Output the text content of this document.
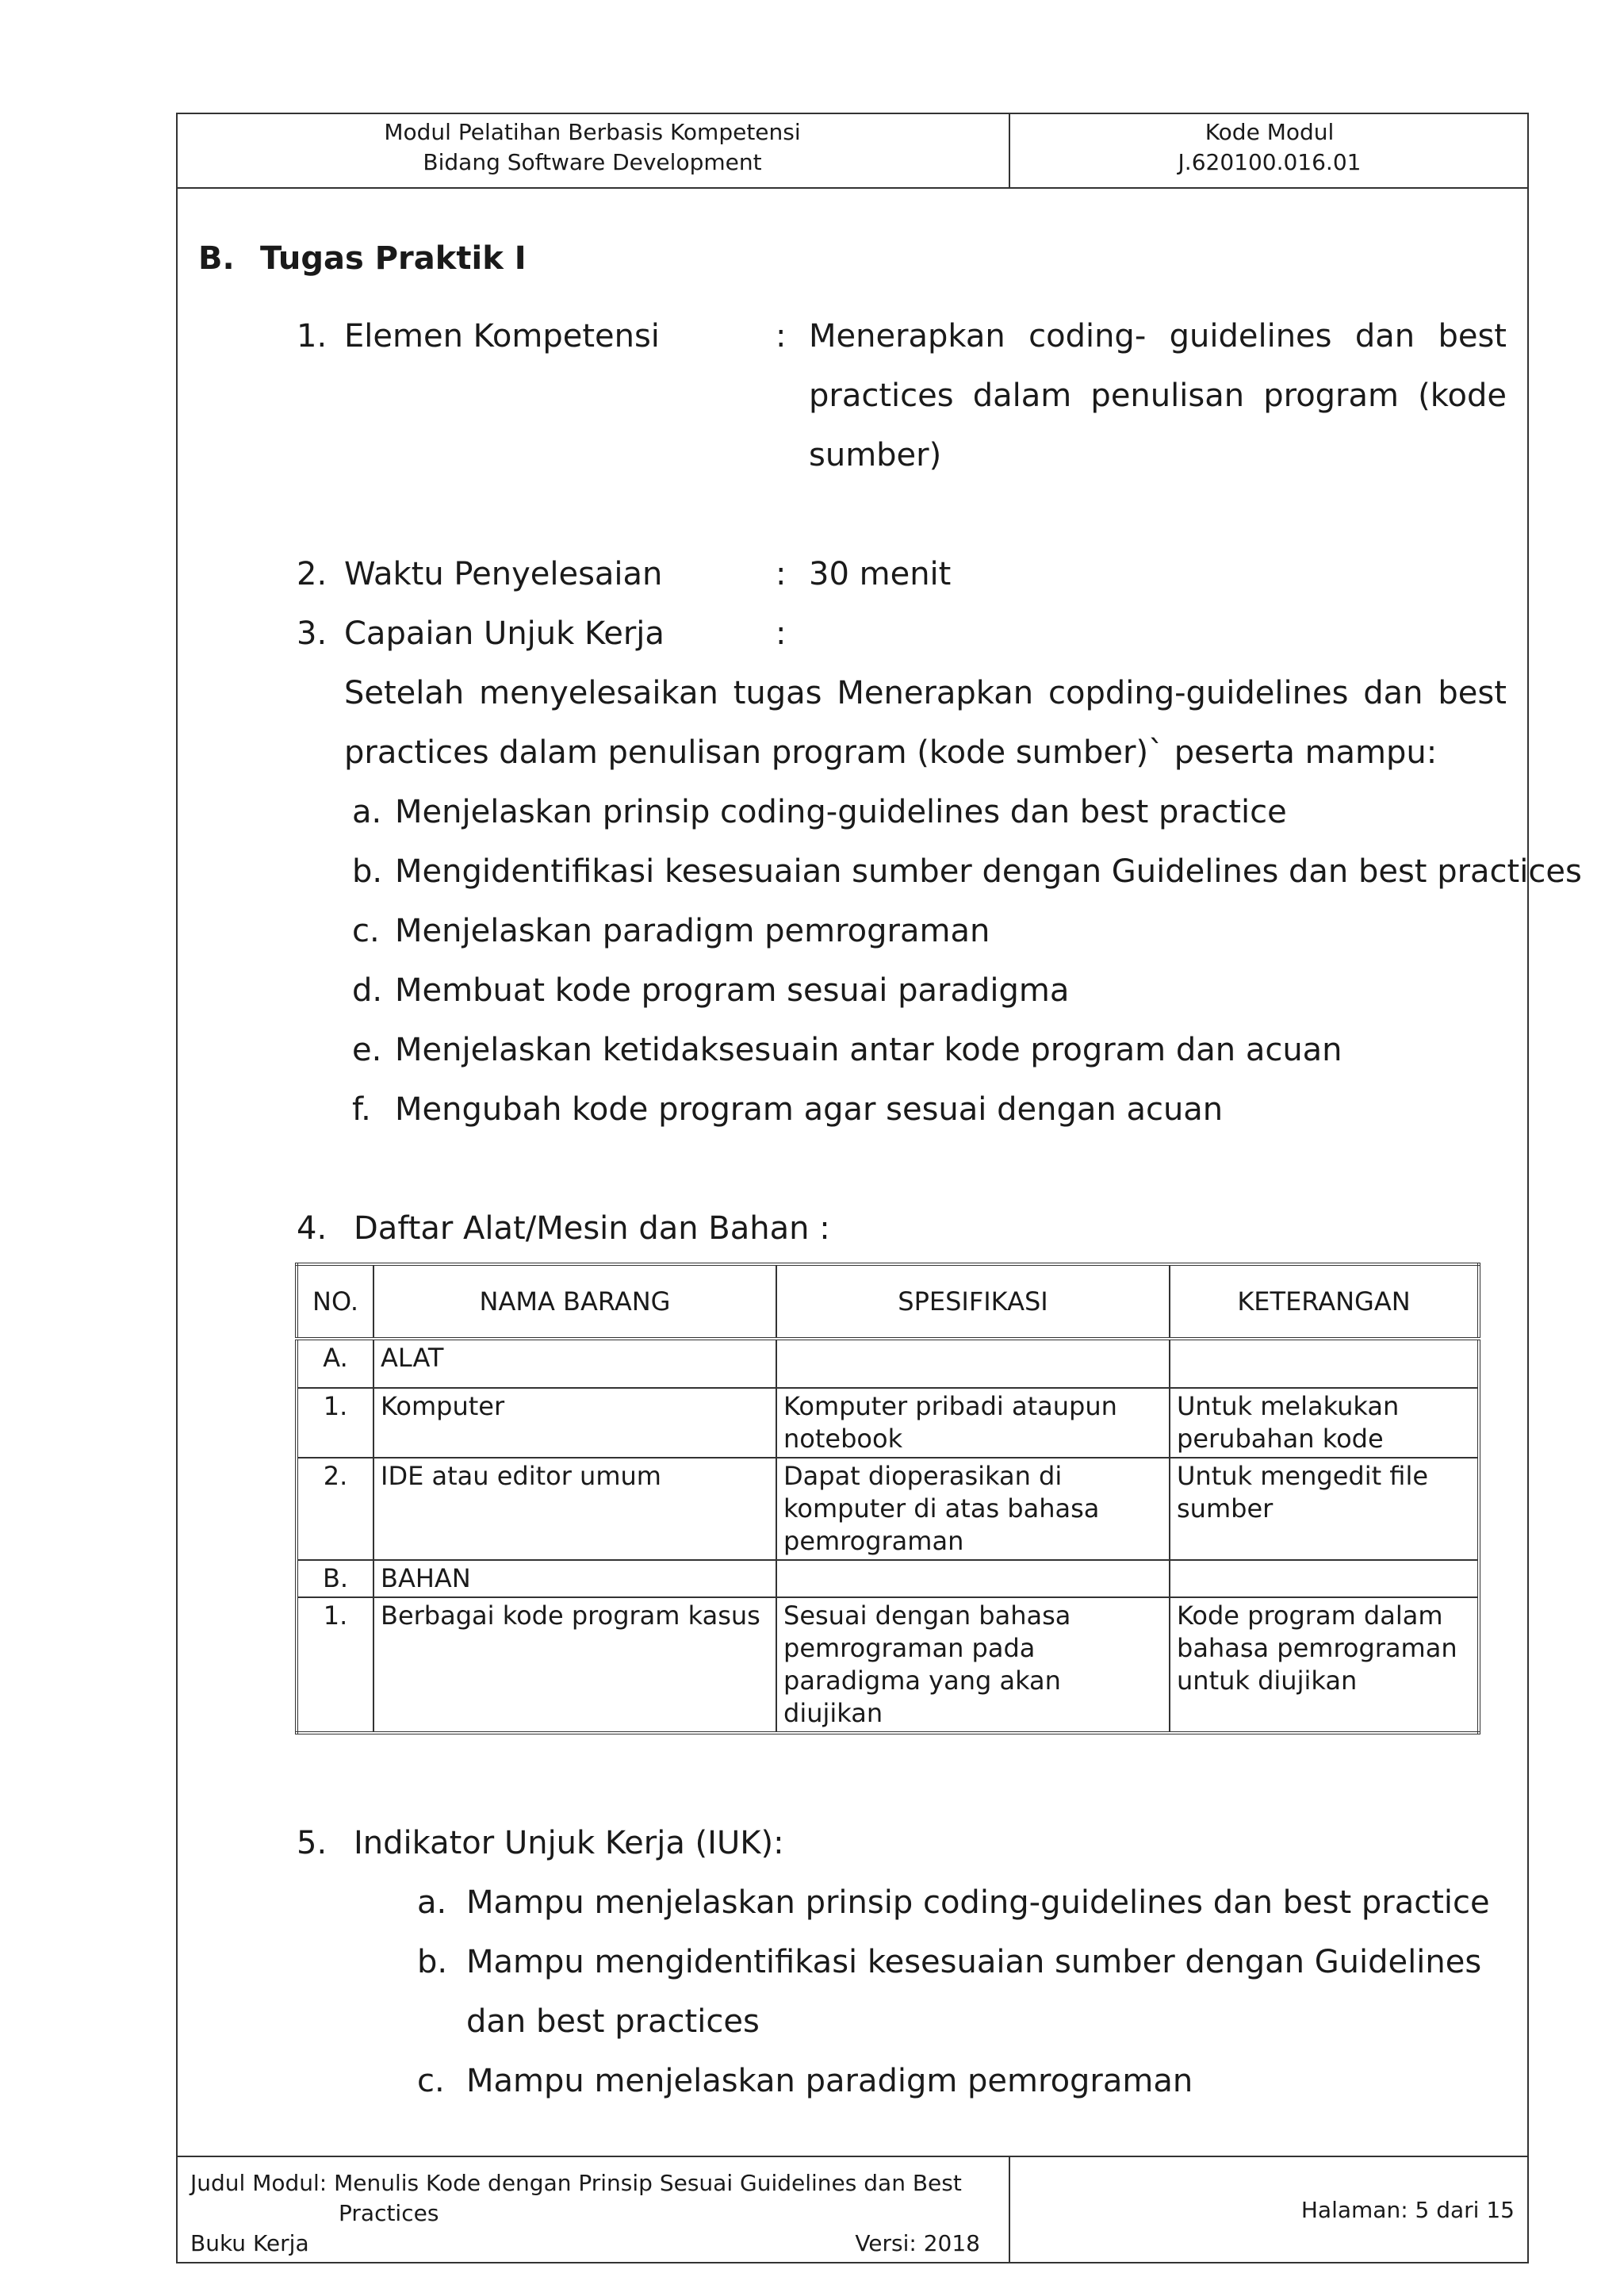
Modul Pelatihan Berbasis Kompetensi
Bidang Software Development
Kode Modul
J.620100.016.01
B. Tugas Praktik I
1. Elemen Kompetensi	: Menerapkan coding- guidelines dan best
practices dalam penulisan program (kode
sumber)
2. Waktu Penyelesaian	: 30 menit
3. Capaian Unjuk Kerja	:
Setelah menyelesaikan tugas Menerapkan copding-guidelines dan best
practices dalam penulisan program (kode sumber)` peserta mampu:
a. Menjelaskan prinsip coding-guidelines dan best practice
b. Mengidentifikasi kesesuaian sumber dengan Guidelines dan best practices
c. Menjelaskan paradigm pemrograman
d. Membuat kode program sesuai paradigma
e. Menjelaskan ketidaksesuain antar kode program dan acuan
f. Mengubah kode program agar sesuai dengan acuan
4. Daftar Alat/Mesin dan Bahan :
NO.	NAMA BARANG	SPESIFIKASI	KETERANGAN
A.	ALAT		
1.	Komputer	Komputer pribadi ataupun notebook	Untuk melakukan perubahan kode
2.	IDE atau editor umum	Dapat dioperasikan di komputer di atas bahasa pemrograman	Untuk mengedit file sumber
B.	BAHAN		
1.	Berbagai kode program kasus	Sesuai dengan bahasa pemrograman pada paradigma yang akan diujikan	Kode program dalam bahasa pemrograman untuk diujikan
5. Indikator Unjuk Kerja (IUK):
a. Mampu menjelaskan prinsip coding-guidelines dan best practice
b. Mampu mengidentifikasi kesesuaian sumber dengan Guidelines
dan best practices
c. Mampu menjelaskan paradigm pemrograman
Judul Modul: Menulis Kode dengan Prinsip Sesuai Guidelines dan Best
Practices
Buku Kerja	Versi: 2018
Halaman: 5 dari 15
